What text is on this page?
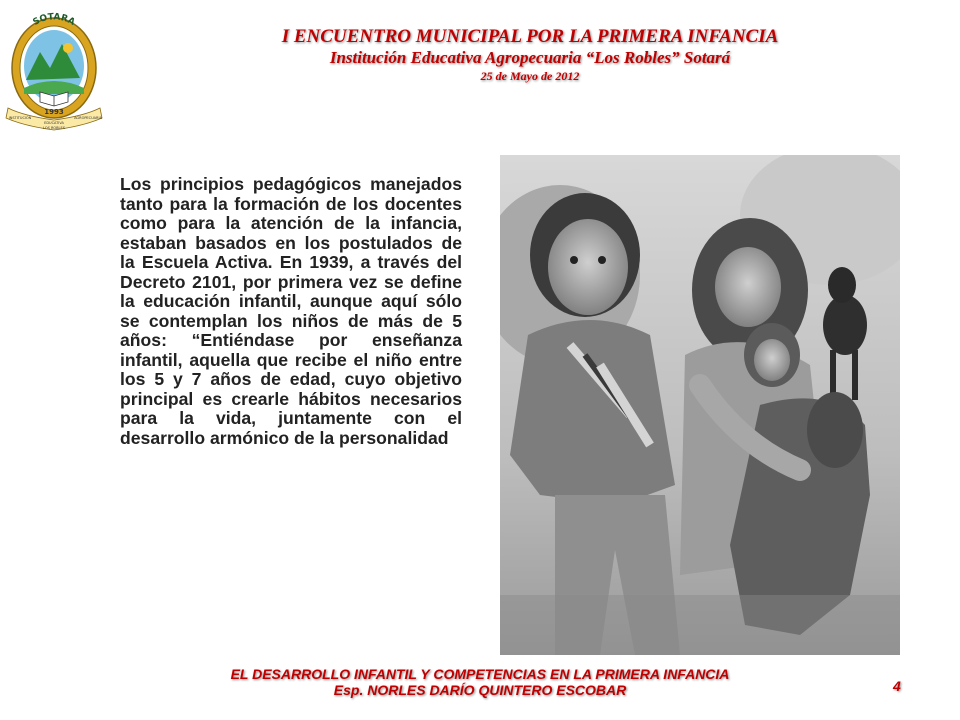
SOTARA
1993
INSTITUCIÓN
EDUCATIVA
LOS ROBLES
AGROPECUARIA
I ENCUENTRO MUNICIPAL POR LA PRIMERA INFANCIA
Institución Educativa Agropecuaria “Los Robles” Sotará
25 de Mayo de 2012

Los principios pedagógicos manejados tanto para la formación de los docentes como para la atención de la infancia, estaban basados en los postulados de la Escuela Activa. En 1939, a través del Decreto 2101, por primera vez se define la educación infantil, aunque aquí sólo se contemplan los niños de más de 5 años: “Entiéndase por enseñanza infantil, aquella que recibe el niño entre los 5 y 7 años de edad, cuyo objetivo principal es crearle hábitos necesarios para la vida, juntamente con el desarrollo armónico de la personalidad

EL DESARROLLO INFANTIL Y COMPETENCIAS EN LA PRIMERA INFANCIA
Esp. NORLES DARÍO QUINTERO ESCOBAR	4
